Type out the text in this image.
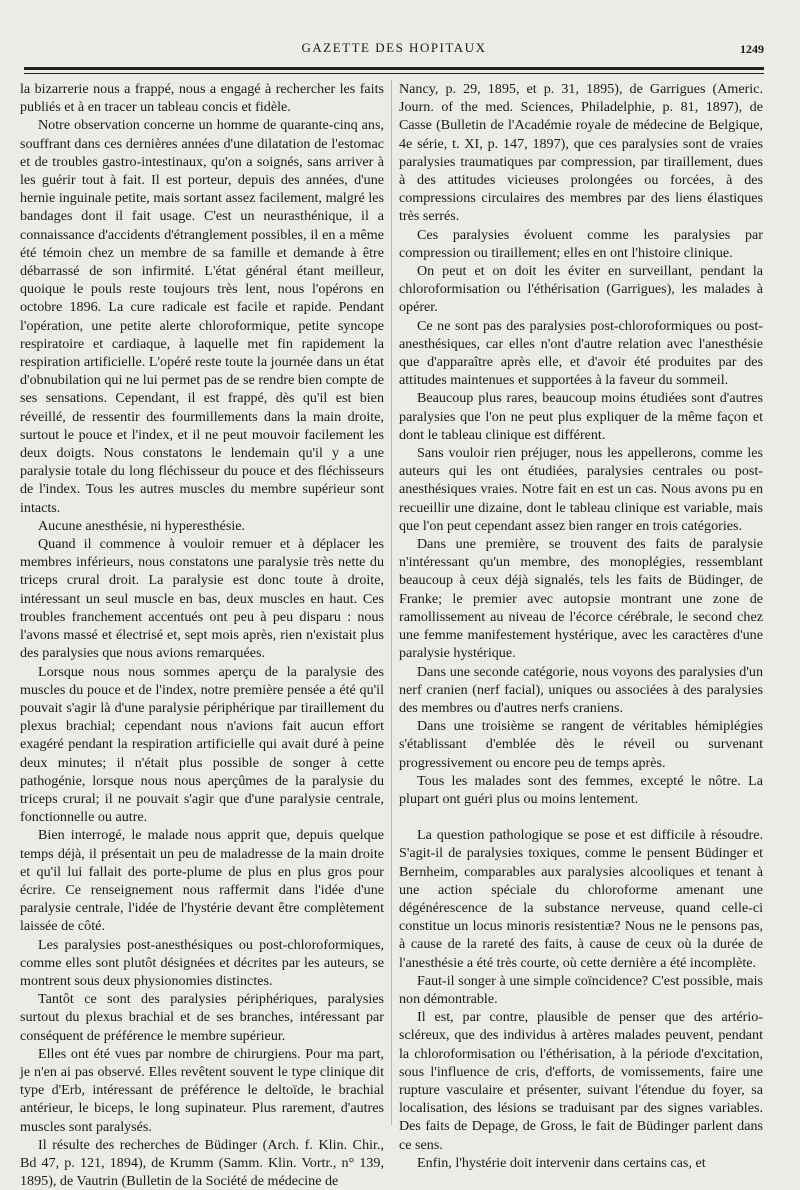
GAZETTE DES HOPITAUX	1249

la bizarrerie nous a frappé, nous a engagé à rechercher les faits publiés et à en tracer un tableau concis et fidèle.

Notre observation concerne un homme de quarante-cinq ans, souffrant dans ces dernières années d'une dilatation de l'estomac et de troubles gastro-intestinaux, qu'on a soignés, sans arriver à les guérir tout à fait. Il est porteur, depuis des années, d'une hernie inguinale petite, mais sortant assez facilement, malgré les bandages dont il fait usage. C'est un neurasthénique, il a connaissance d'accidents d'étranglement possibles, il en a même été témoin chez un membre de sa famille et demande à être débarrassé de son infirmité. L'état général étant meilleur, quoique le pouls reste toujours très lent, nous l'opérons en octobre 1896. La cure radicale est facile et rapide. Pendant l'opération, une petite alerte chloroformique, petite syncope respiratoire et cardiaque, à laquelle met fin rapidement la respiration artificielle. L'opéré reste toute la journée dans un état d'obnubilation qui ne lui permet pas de se rendre bien compte de ses sensations. Cependant, il est frappé, dès qu'il est bien réveillé, de ressentir des fourmillements dans la main droite, surtout le pouce et l'index, et il ne peut mouvoir facilement les deux doigts. Nous constatons le lendemain qu'il y a une paralysie totale du long fléchisseur du pouce et des fléchisseurs de l'index. Tous les autres muscles du membre supérieur sont intacts.

Aucune anesthésie, ni hyperesthésie.

Quand il commence à vouloir remuer et à déplacer les membres inférieurs, nous constatons une paralysie très nette du triceps crural droit. La paralysie est donc toute à droite, intéressant un seul muscle en bas, deux muscles en haut. Ces troubles franchement accentués ont peu à peu disparu : nous l'avons massé et électrisé et, sept mois après, rien n'existait plus des paralysies que nous avions remarquées.

Lorsque nous nous sommes aperçu de la paralysie des muscles du pouce et de l'index, notre première pensée a été qu'il pouvait s'agir là d'une paralysie périphérique par tiraillement du plexus brachial; cependant nous n'avions fait aucun effort exagéré pendant la respiration artificielle qui avait duré à peine deux minutes; il n'était plus possible de songer à cette pathogénie, lorsque nous nous aperçûmes de la paralysie du triceps crural; il ne pouvait s'agir que d'une paralysie centrale, fonctionnelle ou autre.

Bien interrogé, le malade nous apprit que, depuis quelque temps déjà, il présentait un peu de maladresse de la main droite et qu'il lui fallait des porte-plume de plus en plus gros pour écrire. Ce renseignement nous raffermit dans l'idée d'une paralysie centrale, l'idée de l'hystérie devant être complètement laissée de côté.

Les paralysies post-anesthésiques ou post-chloroformiques, comme elles sont plutôt désignées et décrites par les auteurs, se montrent sous deux physionomies distinctes.

Tantôt ce sont des paralysies périphériques, paralysies surtout du plexus brachial et de ses branches, intéressant par conséquent de préférence le membre supérieur.

Elles ont été vues par nombre de chirurgiens. Pour ma part, je n'en ai pas observé. Elles revêtent souvent le type clinique dit type d'Erb, intéressant de préférence le deltoïde, le brachial antérieur, le biceps, le long supinateur. Plus rarement, d'autres muscles sont paralysés.

Il résulte des recherches de Büdinger (Arch. f. Klin. Chir., Bd 47, p. 121, 1894), de Krumm (Samm. Klin. Vortr., n° 139, 1895), de Vautrin (Bulletin de la Société de médecine de

Nancy, p. 29, 1895, et p. 31, 1895), de Garrigues (Americ. Journ. of the med. Sciences, Philadelphie, p. 81, 1897), de Casse (Bulletin de l'Académie royale de médecine de Belgique, 4e série, t. XI, p. 147, 1897), que ces paralysies sont de vraies paralysies traumatiques par compression, par tiraillement, dues à des attitudes vicieuses prolongées ou forcées, à des compressions circulaires des membres par des liens élastiques très serrés.

Ces paralysies évoluent comme les paralysies par compression ou tiraillement; elles en ont l'histoire clinique.

On peut et on doit les éviter en surveillant, pendant la chloroformisation ou l'éthérisation (Garrigues), les malades à opérer.

Ce ne sont pas des paralysies post-chloroformiques ou post-anesthésiques, car elles n'ont d'autre relation avec l'anesthésie que d'apparaître après elle, et d'avoir été produites par des attitudes maintenues et supportées à la faveur du sommeil.

Beaucoup plus rares, beaucoup moins étudiées sont d'autres paralysies que l'on ne peut plus expliquer de la même façon et dont le tableau clinique est différent.

Sans vouloir rien préjuger, nous les appellerons, comme les auteurs qui les ont étudiées, paralysies centrales ou post-anesthésiques vraies. Notre fait en est un cas. Nous avons pu en recueillir une dizaine, dont le tableau clinique est variable, mais que l'on peut cependant assez bien ranger en trois catégories.

Dans une première, se trouvent des faits de paralysie n'intéressant qu'un membre, des monoplégies, ressemblant beaucoup à ceux déjà signalés, tels les faits de Büdinger, de Franke; le premier avec autopsie montrant une zone de ramollissement au niveau de l'écorce cérébrale, le second chez une femme manifestement hystérique, avec les caractères d'une paralysie hystérique.

Dans une seconde catégorie, nous voyons des paralysies d'un nerf cranien (nerf facial), uniques ou associées à des paralysies des membres ou d'autres nerfs craniens.

Dans une troisième se rangent de véritables hémiplégies s'établissant d'emblée dès le réveil ou survenant progressivement ou encore peu de temps après.

Tous les malades sont des femmes, excepté le nôtre. La plupart ont guéri plus ou moins lentement.

La question pathologique se pose et est difficile à résoudre. S'agit-il de paralysies toxiques, comme le pensent Büdinger et Bernheim, comparables aux paralysies alcooliques et tenant à une action spéciale du chloroforme amenant une dégénérescence de la substance nerveuse, quand celle-ci constitue un locus minoris resistentiæ? Nous ne le pensons pas, à cause de la rareté des faits, à cause de ceux où la durée de l'anesthésie a été très courte, où cette dernière a été incomplète.

Faut-il songer à une simple coïncidence? C'est possible, mais non démontrable.

Il est, par contre, plausible de penser que des artério-scléreux, que des individus à artères malades peuvent, pendant la chloroformisation ou l'éthérisation, à la période d'excitation, sous l'influence de cris, d'efforts, de vomissements, faire une rupture vasculaire et présenter, suivant l'étendue du foyer, sa localisation, des lésions se traduisant par des signes variables. Des faits de Depage, de Gross, le fait de Büdinger parlent dans ce sens.

Enfin, l'hystérie doit intervenir dans certains cas, et
